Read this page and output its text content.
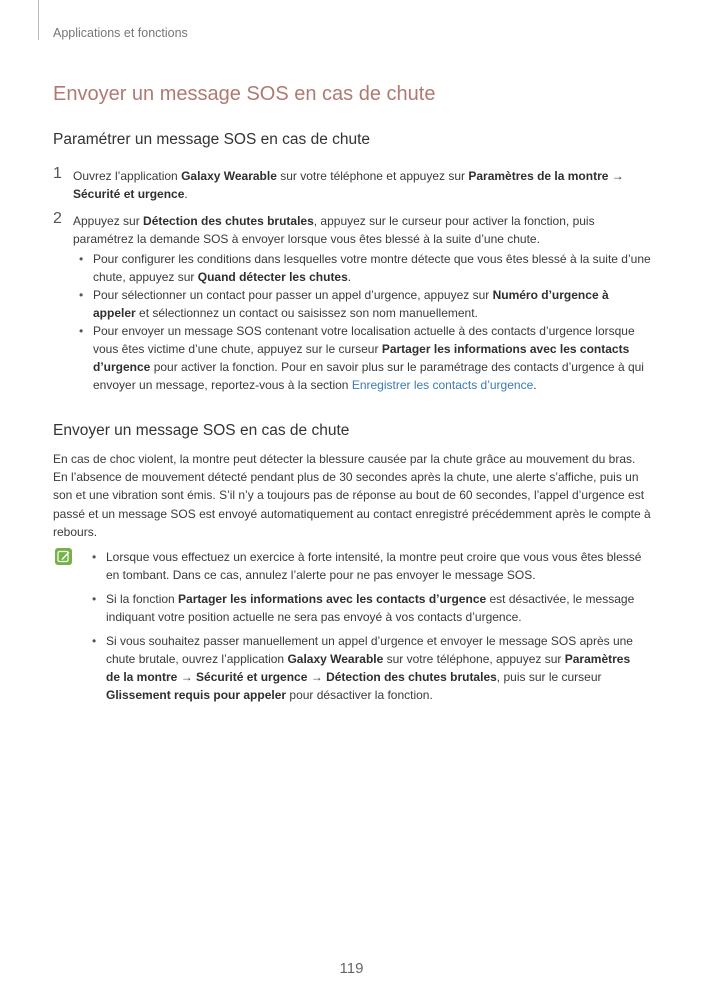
Applications et fonctions
Envoyer un message SOS en cas de chute
Paramétrer un message SOS en cas de chute
1 Ouvrez l’application Galaxy Wearable sur votre téléphone et appuyez sur Paramètres de la montre →
Sécurité et urgence.
2 Appuyez sur Détection des chutes brutales, appuyez sur le curseur pour activer la fonction, puis paramétrez la demande SOS à envoyer lorsque vous êtes blessé à la suite d’une chute.
• Pour configurer les conditions dans lesquelles votre montre détecte que vous êtes blessé à la suite d’une chute, appuyez sur Quand détecter les chutes.
• Pour sélectionner un contact pour passer un appel d’urgence, appuyez sur Numéro d’urgence à appeler et sélectionnez un contact ou saisissez son nom manuellement.
• Pour envoyer un message SOS contenant votre localisation actuelle à des contacts d’urgence lorsque vous êtes victime d’une chute, appuyez sur le curseur Partager les informations avec les contacts d’urgence pour activer la fonction. Pour en savoir plus sur le paramétrage des contacts d’urgence à qui envoyer un message, reportez-vous à la section Enregistrer les contacts d’urgence.
Envoyer un message SOS en cas de chute
En cas de choc violent, la montre peut détecter la blessure causée par la chute grâce au mouvement du bras. En l’absence de mouvement détecté pendant plus de 30 secondes après la chute, une alerte s’affiche, puis un son et une vibration sont émis. S’il n’y a toujours pas de réponse au bout de 60 secondes, l’appel d’urgence est passé et un message SOS est envoyé automatiquement au contact enregistré précédemment après le compte à rebours.
• Lorsque vous effectuez un exercice à forte intensité, la montre peut croire que vous vous êtes blessé en tombant. Dans ce cas, annulez l’alerte pour ne pas envoyer le message SOS.
• Si la fonction Partager les informations avec les contacts d’urgence est désactivée, le message indiquant votre position actuelle ne sera pas envoyé à vos contacts d’urgence.
• Si vous souhaitez passer manuellement un appel d’urgence et envoyer le message SOS après une chute brutale, ouvrez l’application Galaxy Wearable sur votre téléphone, appuyez sur Paramètres de la montre → Sécurité et urgence → Détection des chutes brutales, puis sur le curseur Glissement requis pour appeler pour désactiver la fonction.
119
